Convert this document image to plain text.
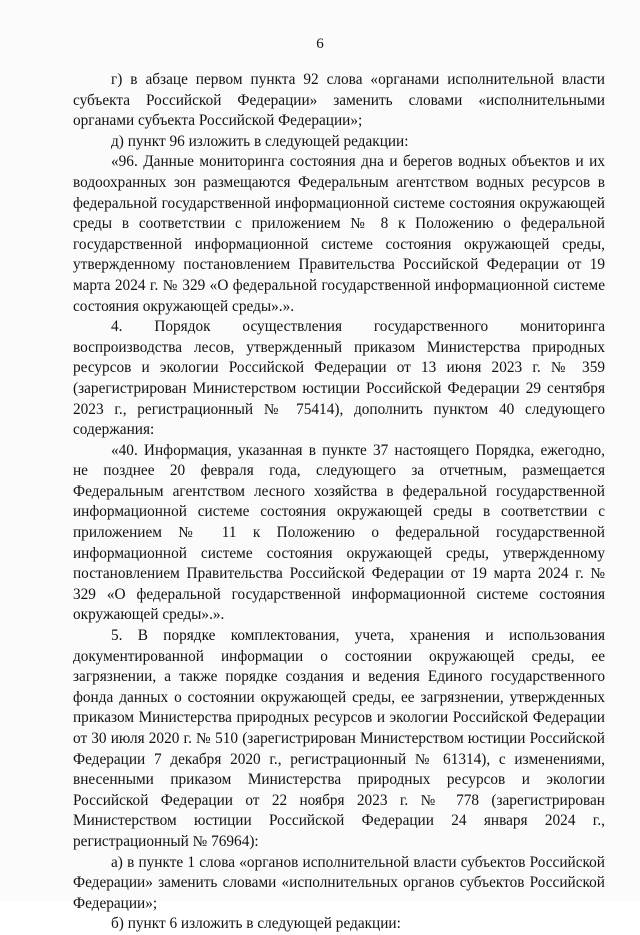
6

г) в абзаце первом пункта 92 слова «органами исполнительной власти субъекта Российской Федерации» заменить словами «исполнительными органами субъекта Российской Федерации»;

д) пункт 96 изложить в следующей редакции:

«96. Данные мониторинга состояния дна и берегов водных объектов и их водоохранных зон размещаются Федеральным агентством водных ресурсов в федеральной государственной информационной системе состояния окружающей среды в соответствии с приложением № 8 к Положению о федеральной государственной информационной системе состояния окружающей среды, утвержденному постановлением Правительства Российской Федерации от 19 марта 2024 г. № 329 «О федеральной государственной информационной системе состояния окружающей среды».».

4. Порядок осуществления государственного мониторинга воспроизводства лесов, утвержденный приказом Министерства природных ресурсов и экологии Российской Федерации от 13 июня 2023 г. № 359 (зарегистрирован Министерством юстиции Российской Федерации 29 сентября 2023 г., регистрационный № 75414), дополнить пунктом 40 следующего содержания:

«40. Информация, указанная в пункте 37 настоящего Порядка, ежегодно, не позднее 20 февраля года, следующего за отчетным, размещается Федеральным агентством лесного хозяйства в федеральной государственной информационной системе состояния окружающей среды в соответствии с приложением № 11 к Положению о федеральной государственной информационной системе состояния окружающей среды, утвержденному постановлением Правительства Российской Федерации от 19 марта 2024 г. № 329 «О федеральной государственной информационной системе состояния окружающей среды».».

5. В порядке комплектования, учета, хранения и использования документированной информации о состоянии окружающей среды, ее загрязнении, а также порядке создания и ведения Единого государственного фонда данных о состоянии окружающей среды, ее загрязнении, утвержденных приказом Министерства природных ресурсов и экологии Российской Федерации от 30 июля 2020 г. № 510 (зарегистрирован Министерством юстиции Российской Федерации 7 декабря 2020 г., регистрационный № 61314), с изменениями, внесенными приказом Министерства природных ресурсов и экологии Российской Федерации от 22 ноября 2023 г. № 778 (зарегистрирован Министерством юстиции Российской Федерации 24 января 2024 г., регистрационный № 76964):

а) в пункте 1 слова «органов исполнительной власти субъектов Российской Федерации» заменить словами «исполнительных органов субъектов Российской Федерации»;

б) пункт 6 изложить в следующей редакции:
